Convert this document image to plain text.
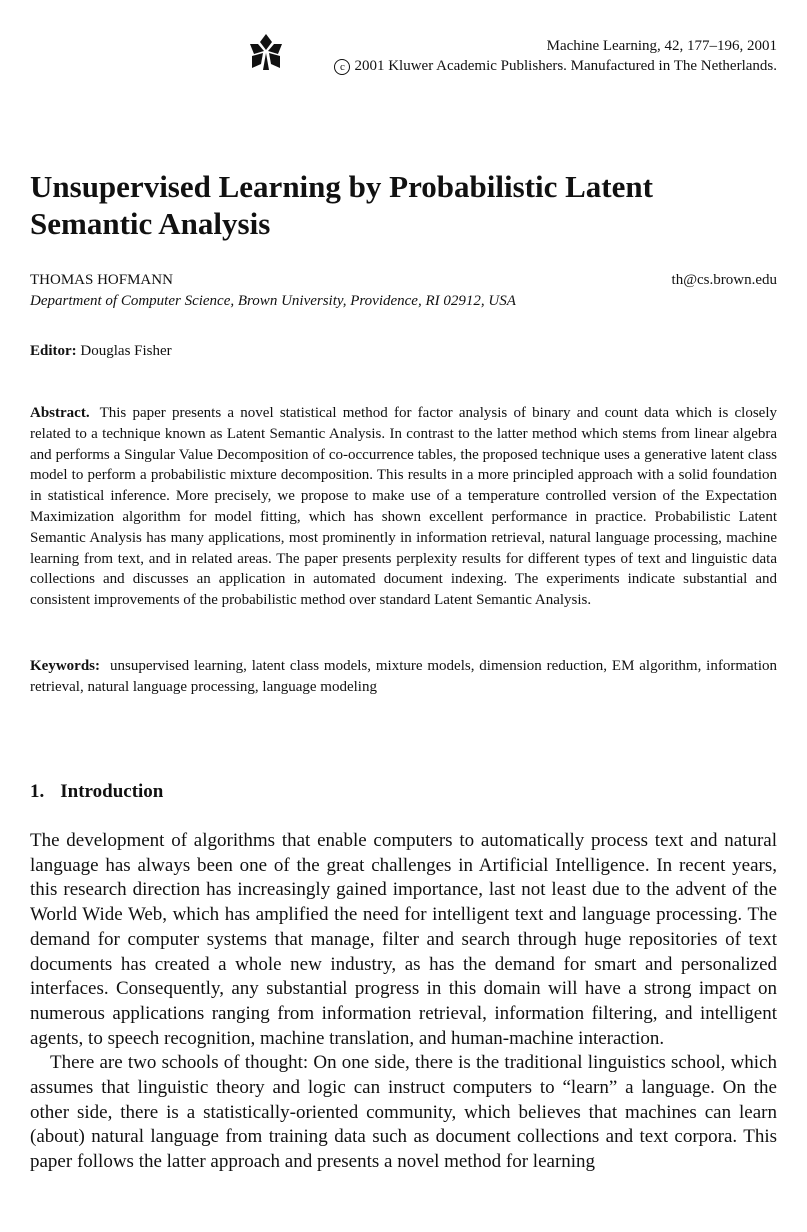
Machine Learning, 42, 177–196, 2001
c 2001 Kluwer Academic Publishers. Manufactured in The Netherlands.
Unsupervised Learning by Probabilistic Latent Semantic Analysis
THOMAS HOFMANN	th@cs.brown.edu
Department of Computer Science, Brown University, Providence, RI 02912, USA
Editor: Douglas Fisher

Abstract. This paper presents a novel statistical method for factor analysis of binary and count data which is closely related to a technique known as Latent Semantic Analysis. In contrast to the latter method which stems from linear algebra and performs a Singular Value Decomposition of co-occurrence tables, the proposed technique uses a generative latent class model to perform a probabilistic mixture decomposition. This results in a more principled approach with a solid foundation in statistical inference. More precisely, we propose to make use of a temperature controlled version of the Expectation Maximization algorithm for model fitting, which has shown excellent performance in practice. Probabilistic Latent Semantic Analysis has many applications, most prominently in information retrieval, natural language processing, machine learning from text, and in related areas. The paper presents perplexity results for different types of text and linguistic data collections and discusses an application in automated document indexing. The experiments indicate substantial and consistent improvements of the probabilistic method over standard Latent Semantic Analysis.

Keywords: unsupervised learning, latent class models, mixture models, dimension reduction, EM algorithm, information retrieval, natural language processing, language modeling

1. Introduction

The development of algorithms that enable computers to automatically process text and natural language has always been one of the great challenges in Artificial Intelligence. In recent years, this research direction has increasingly gained importance, last not least due to the advent of the World Wide Web, which has amplified the need for intelligent text and language processing. The demand for computer systems that manage, filter and search through huge repositories of text documents has created a whole new industry, as has the demand for smart and personalized interfaces. Consequently, any substantial progress in this domain will have a strong impact on numerous applications ranging from information retrieval, information filtering, and intelligent agents, to speech recognition, machine translation, and human-machine interaction.

There are two schools of thought: On one side, there is the traditional linguistics school, which assumes that linguistic theory and logic can instruct computers to “learn” a language. On the other side, there is a statistically-oriented community, which believes that machines can learn (about) natural language from training data such as document collections and text corpora. This paper follows the latter approach and presents a novel method for learning
